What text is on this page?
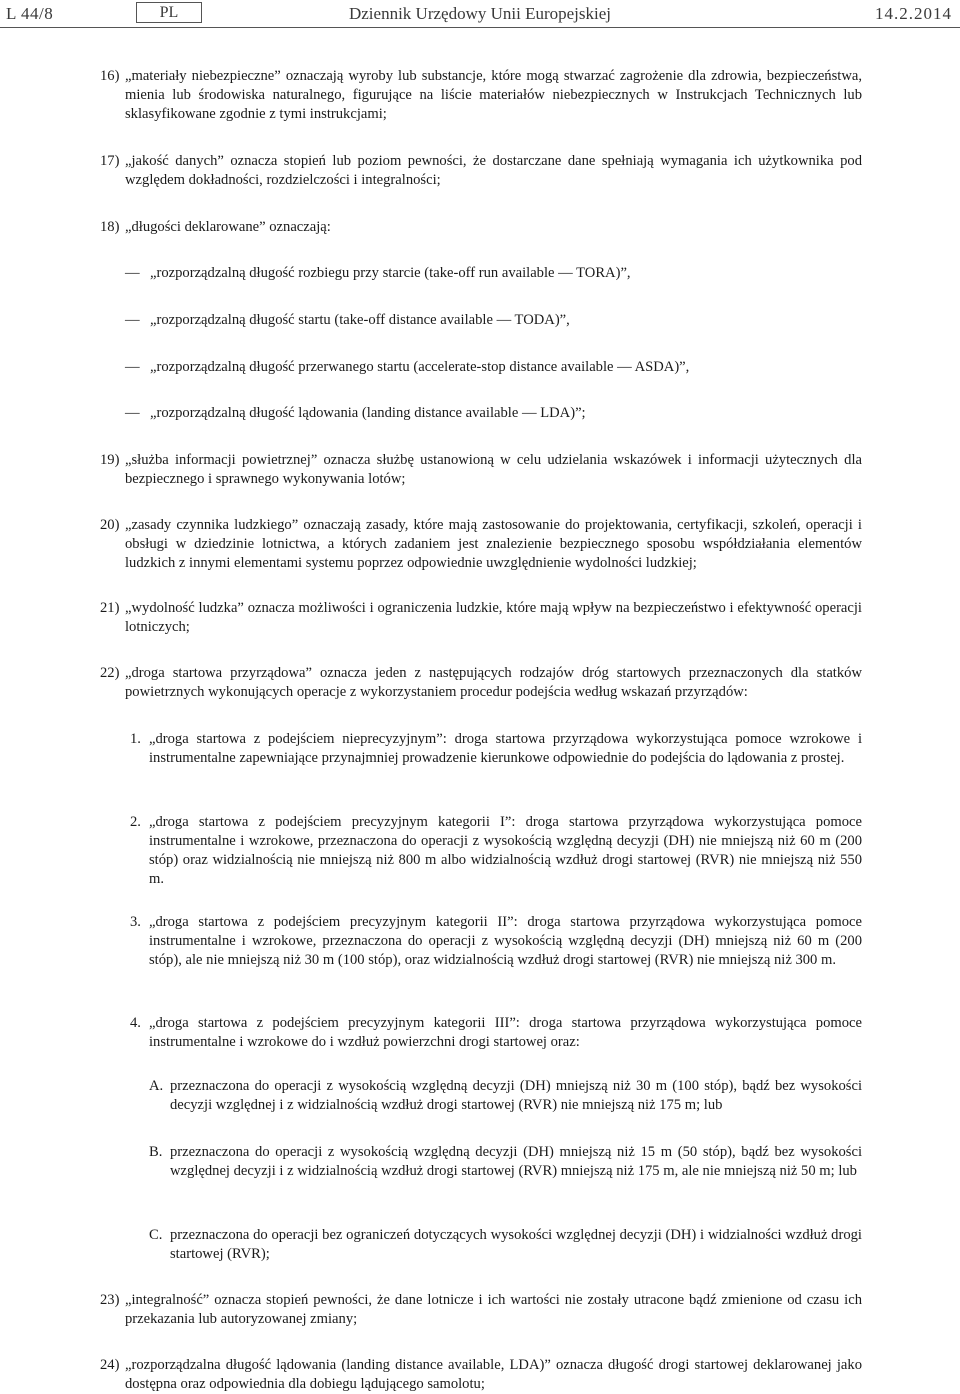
L 44/8	PL	Dziennik Urzędowy Unii Europejskiej	14.2.2014
16) „materiały niebezpieczne” oznaczają wyroby lub substancje, które mogą stwarzać zagrożenie dla zdrowia, bezpieczeństwa, mienia lub środowiska naturalnego, figurujące na liście materiałów niebezpiecznych w Instrukcjach Technicznych lub sklasyfikowane zgodnie z tymi instrukcjami;
17) „jakość danych” oznacza stopień lub poziom pewności, że dostarczane dane spełniają wymagania ich użytkownika pod względem dokładności, rozdzielczości i integralności;
18) „długości deklarowane” oznaczają:
— „rozporządzalną długość rozbiegu przy starcie (take-off run available — TORA)”,
— „rozporządzalną długość startu (take-off distance available — TODA)”,
— „rozporządzalną długość przerwanego startu (accelerate-stop distance available — ASDA)”,
— „rozporządzalną długość lądowania (landing distance available — LDA)”;
19) „służba informacji powietrznej” oznacza służbę ustanowioną w celu udzielania wskazówek i informacji użytecznych dla bezpiecznego i sprawnego wykonywania lotów;
20) „zasady czynnika ludzkiego” oznaczają zasady, które mają zastosowanie do projektowania, certyfikacji, szkoleń, operacji i obsługi w dziedzinie lotnictwa, a których zadaniem jest znalezienie bezpiecznego sposobu współdziałania elementów ludzkich z innymi elementami systemu poprzez odpowiednie uwzględnienie wydolności ludzkiej;
21) „wydolność ludzka” oznacza możliwości i ograniczenia ludzkie, które mają wpływ na bezpieczeństwo i efektywność operacji lotniczych;
22) „droga startowa przyrządowa” oznacza jeden z następujących rodzajów dróg startowych przeznaczonych dla statków powietrznych wykonujących operacje z wykorzystaniem procedur podejścia według wskazań przyrządów:
1. „droga startowa z podejściem nieprecyzyjnym”: droga startowa przyrządowa wykorzystująca pomoce wzrokowe i instrumentalne zapewniające przynajmniej prowadzenie kierunkowe odpowiednie do podejścia do lądowania z prostej.
2. „droga startowa z podejściem precyzyjnym kategorii I”: droga startowa przyrządowa wykorzystująca pomoce instrumentalne i wzrokowe, przeznaczona do operacji z wysokością względną decyzji (DH) nie mniejszą niż 60 m (200 stóp) oraz widzialnością nie mniejszą niż 800 m albo widzialnością wzdłuż drogi startowej (RVR) nie mniejszą niż 550 m.
3. „droga startowa z podejściem precyzyjnym kategorii II”: droga startowa przyrządowa wykorzystująca pomoce instrumentalne i wzrokowe, przeznaczona do operacji z wysokością względną decyzji (DH) mniejszą niż 60 m (200 stóp), ale nie mniejszą niż 30 m (100 stóp), oraz widzialnością wzdłuż drogi startowej (RVR) nie mniejszą niż 300 m.
4. „droga startowa z podejściem precyzyjnym kategorii III”: droga startowa przyrządowa wykorzystująca pomoce instrumentalne i wzrokowe do i wzdłuż powierzchni drogi startowej oraz:
A. przeznaczona do operacji z wysokością względną decyzji (DH) mniejszą niż 30 m (100 stóp), bądź bez wysokości decyzji względnej i z widzialnością wzdłuż drogi startowej (RVR) nie mniejszą niż 175 m; lub
B. przeznaczona do operacji z wysokością względną decyzji (DH) mniejszą niż 15 m (50 stóp), bądź bez wysokości względnej decyzji i z widzialnością wzdłuż drogi startowej (RVR) mniejszą niż 175 m, ale nie mniejszą niż 50 m; lub
C. przeznaczona do operacji bez ograniczeń dotyczących wysokości względnej decyzji (DH) i widzialności wzdłuż drogi startowej (RVR);
23) „integralność” oznacza stopień pewności, że dane lotnicze i ich wartości nie zostały utracone bądź zmienione od czasu ich przekazania lub autoryzowanej zmiany;
24) „rozporządzalna długość lądowania (landing distance available, LDA)” oznacza długość drogi startowej deklarowanej jako dostępna oraz odpowiednia dla dobiegu lądującego samolotu;
